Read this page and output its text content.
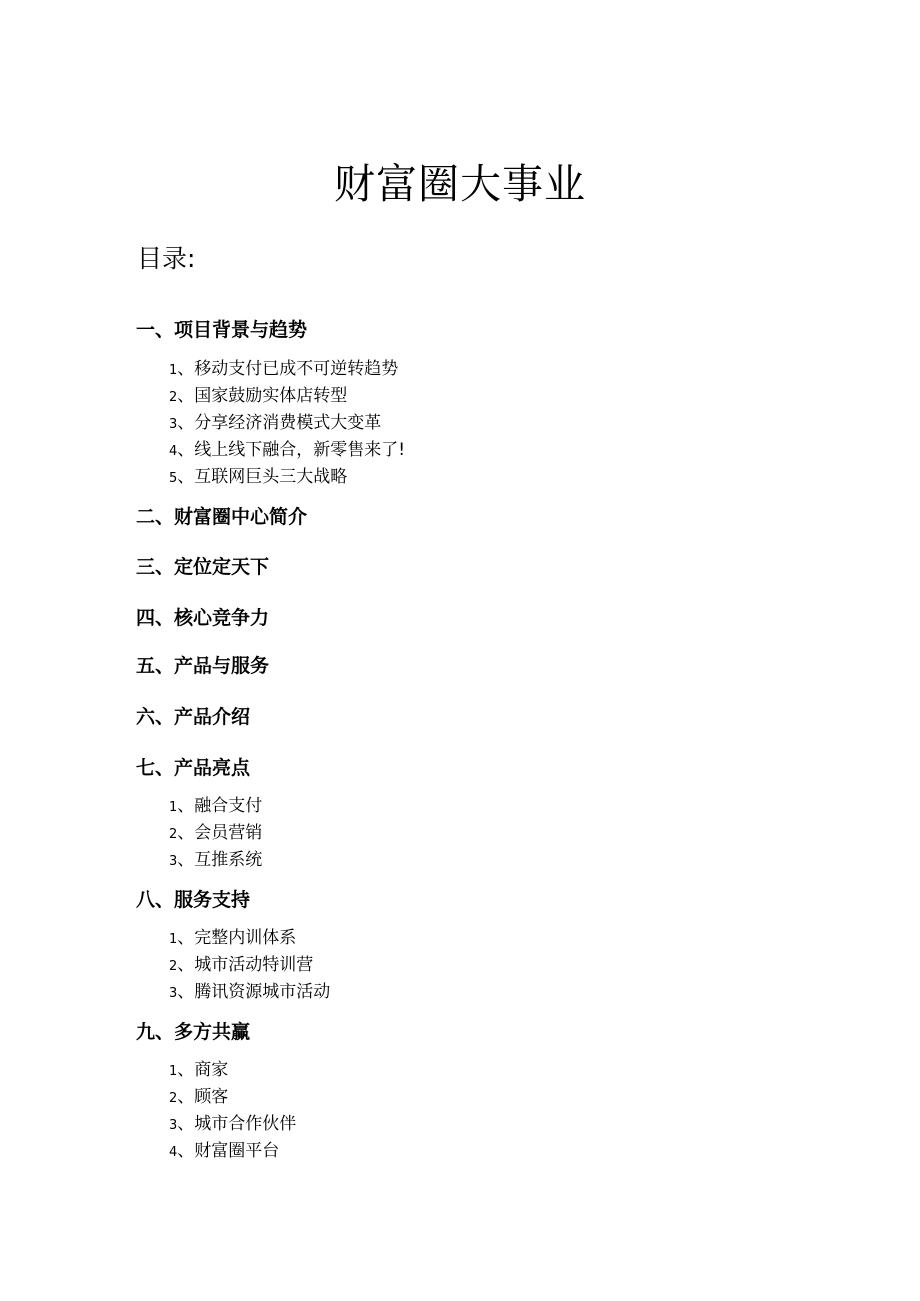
财富圈大事业
目录:
一、项目背景与趋势
1、移动支付已成不可逆转趋势
2、国家鼓励实体店转型
3、分享经济消费模式大变革
4、线上线下融合，新零售来了!
5、互联网巨头三大战略
二、财富圈中心简介
三、定位定天下
四、核心竞争力
五、产品与服务
六、产品介绍
七、产品亮点
1、融合支付
2、会员营销
3、互推系统
八、服务支持
1、完整内训体系
2、城市活动特训营
3、腾讯资源城市活动
九、多方共赢
1、商家
2、顾客
3、城市合作伙伴
4、财富圈平台
